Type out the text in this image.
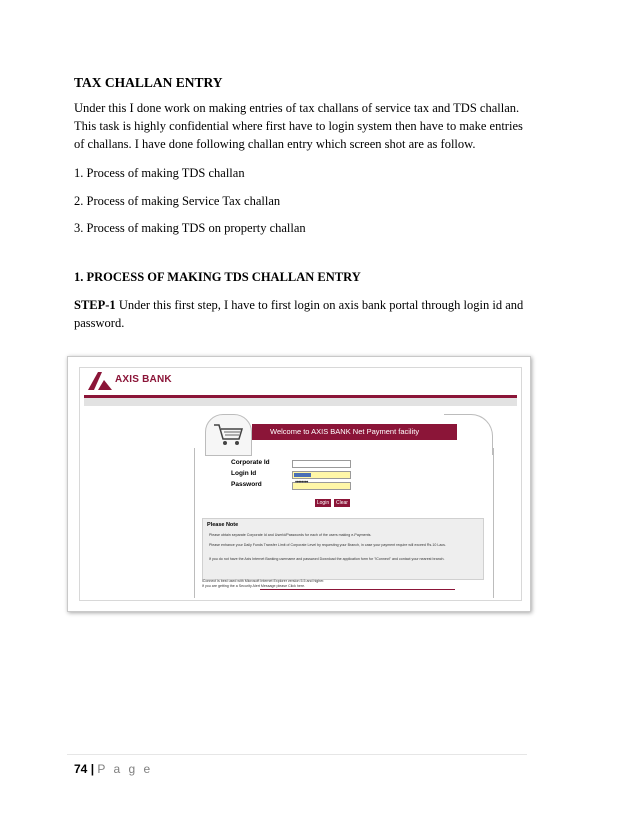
TAX CHALLAN ENTRY
Under this I done work on making entries of tax challans of service tax and TDS challan. This task is highly confidential where first have to login system then have to make entries of challans. I have done following challan entry which screen shot are as follow.
1. Process of making TDS challan
2. Process of making Service Tax challan
3. Process of making TDS on property challan
1. PROCESS OF MAKING TDS CHALLAN ENTRY
STEP-1 Under this first step, I have to first login on axis bank portal through login id and password.
AXIS BANK
Welcome to AXIS BANK Net Payment facility
Corporate Id
Login Id
Password	••••••••
Login	Clear
Please Note
Please obtain separate Corporate Id and UserId/Passwords for each of the users making e-Payments.
Please enhance your Daily Funds Transfer Limit of Corporate Level by requesting your Branch, in case your payment require will exceed Rs.10 Lacs.
If you do not have the Axis Internet Banking username and password Download the application form for "iConnect" and contact your nearest branch.
iConnect is best used with Microsoft Internet Explorer version 5.5 and higher.
If you are getting the a Security Alert Message please Click here.
74 | P a g e
